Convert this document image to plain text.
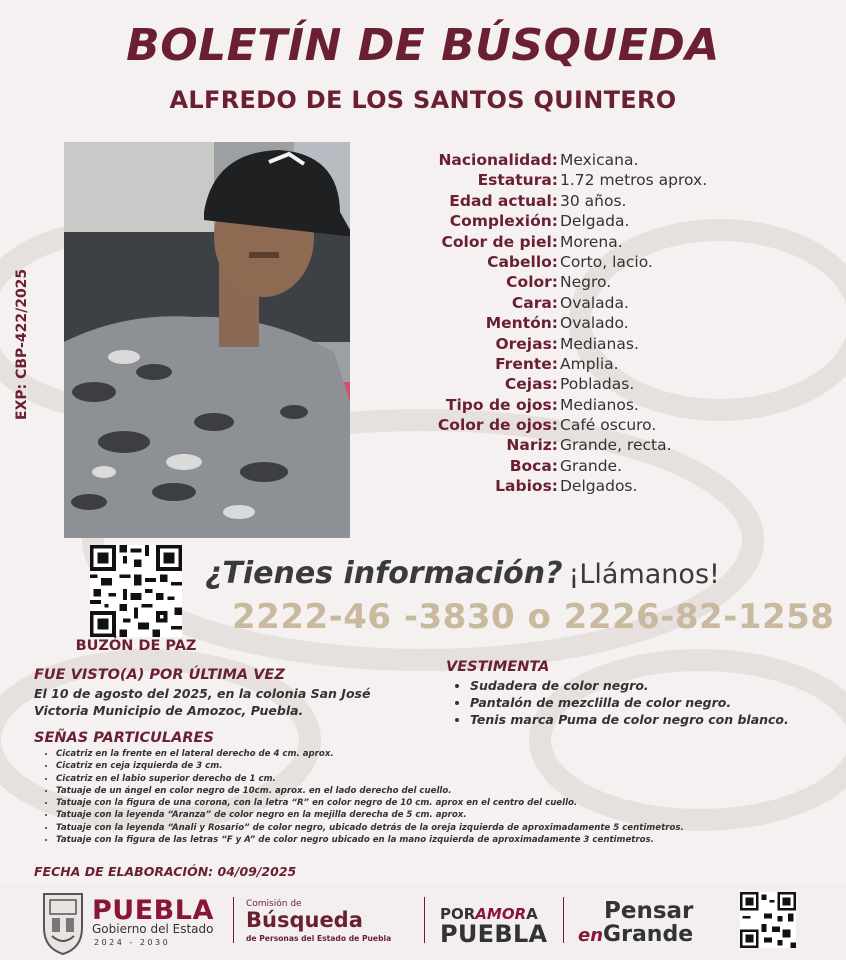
BOLETÍN DE BÚSQUEDA
ALFREDO DE LOS SANTOS QUINTERO
EXP: CBP-422/2025
Nacionalidad: Mexicana.
Estatura: 1.72 metros aprox.
Edad actual: 30 años.
Complexión: Delgada.
Color de piel: Morena.
Cabello: Corto, lacio.
Color: Negro.
Cara: Ovalada.
Mentón: Ovalado.
Orejas: Medianas.
Frente: Amplia.
Cejas: Pobladas.
Tipo de ojos: Medianos.
Color de ojos: Café oscuro.
Nariz: Grande, recta.
Boca: Grande.
Labios: Delgados.
BUZÓN DE PAZ
¿Tienes información? ¡Llámanos!
2222-46 -3830 o 2226-82-1258
FUE VISTO(A) POR ÚLTIMA VEZ
El 10 de agosto del 2025, en la colonia San José
Victoria Municipio de Amozoc, Puebla.
VESTIMENTA
• Sudadera de color negro.
• Pantalón de mezclilla de color negro.
• Tenis marca Puma de color negro con blanco.
SEÑAS PARTICULARES
• Cicatriz en la frente en el lateral derecho de 4 cm. aprox.
• Cicatriz en ceja izquierda de 3 cm.
• Cicatriz en el labio superior derecho de 1 cm.
• Tatuaje de un ángel en color negro de 10cm. aprox. en el lado derecho del cuello.
• Tatuaje con la figura de una corona, con la letra “R” en color negro de 10 cm. aprox en el centro del cuello.
• Tatuaje con la leyenda “Aranza” de color negro en la mejilla derecha de 5 cm. aprox.
• Tatuaje con la leyenda “Anali y Rosario” de color negro, ubicado detrás de la oreja izquierda de aproximadamente 5 centimetros.
• Tatuaje con la figura de las letras “F y A” de color negro ubicado en la mano izquierda de aproximadamente 3 centimetros.
FECHA DE ELABORACIÓN: 04/09/2025
PUEBLA
Gobierno del Estado
2024 - 2030
Comisión de
Búsqueda
de Personas del Estado de Puebla
PORAMORA
PUEBLA
Pensar
enGrande
